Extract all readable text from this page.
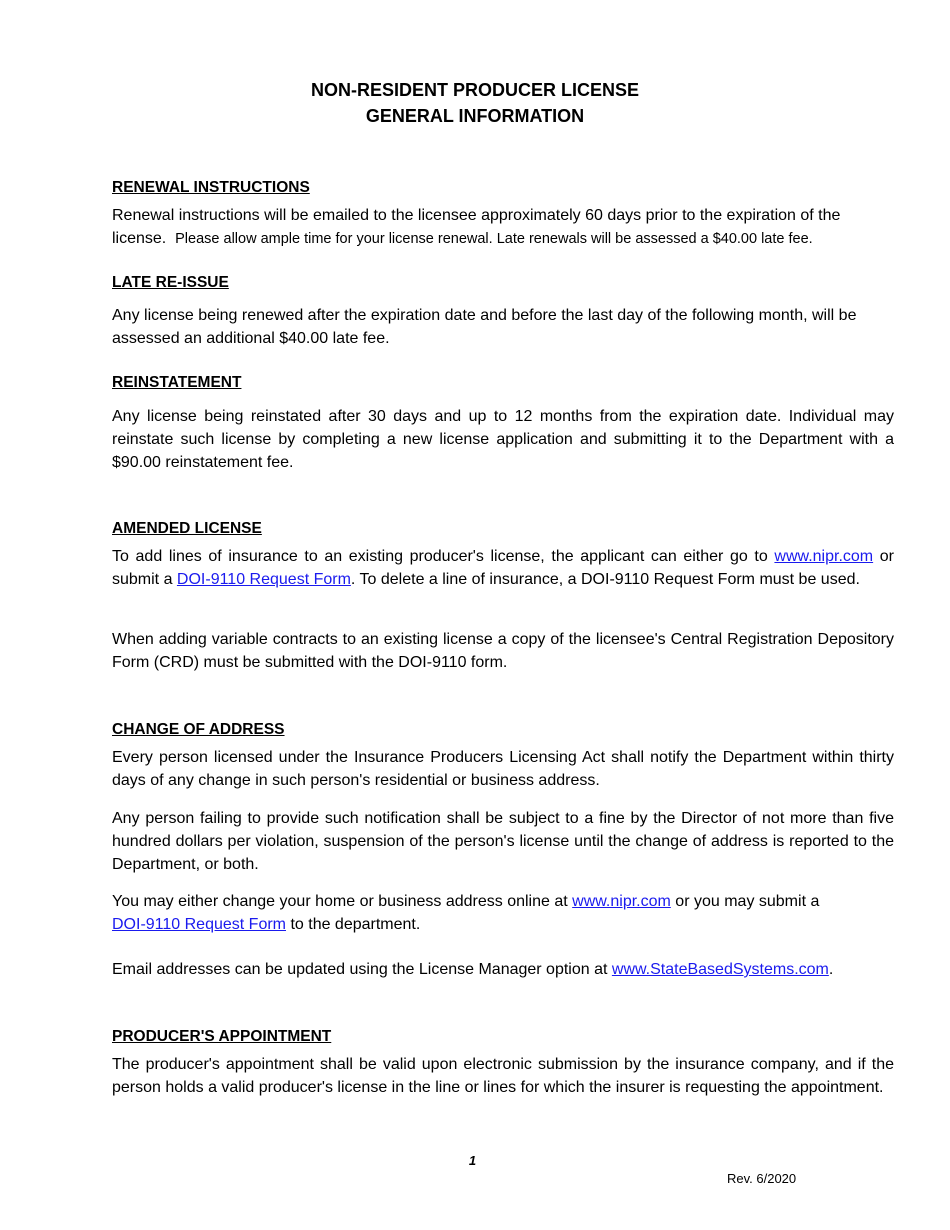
NON-RESIDENT PRODUCER LICENSE
GENERAL INFORMATION
RENEWAL INSTRUCTIONS
Renewal instructions will be emailed to the licensee approximately 60 days prior to the expiration of the license. Please allow ample time for your license renewal. Late renewals will be assessed a $40.00 late fee.
LATE RE-ISSUE
Any license being renewed after the expiration date and before the last day of the following month, will be assessed an additional $40.00 late fee.
REINSTATEMENT
Any license being reinstated after 30 days and up to 12 months from the expiration date. Individual may reinstate such license by completing a new license application and submitting it to the Department with a $90.00 reinstatement fee.
AMENDED LICENSE
To add lines of insurance to an existing producer's license, the applicant can either go to www.nipr.com or submit a DOI-9110 Request Form. To delete a line of insurance, a DOI-9110 Request Form must be used.
When adding variable contracts to an existing license a copy of the licensee's Central Registration Depository Form (CRD) must be submitted with the DOI-9110 form.
CHANGE OF ADDRESS
Every person licensed under the Insurance Producers Licensing Act shall notify the Department within thirty days of any change in such person's residential or business address.
Any person failing to provide such notification shall be subject to a fine by the Director of not more than five hundred dollars per violation, suspension of the person's license until the change of address is reported to the Department, or both.
You may either change your home or business address online at www.nipr.com or you may submit a DOI-9110 Request Form to the department.
Email addresses can be updated using the License Manager option at www.StateBasedSystems.com.
PRODUCER'S APPOINTMENT
The producer's appointment shall be valid upon electronic submission by the insurance company, and if the person holds a valid producer's license in the line or lines for which the insurer is requesting the appointment.
1
Rev. 6/2020
